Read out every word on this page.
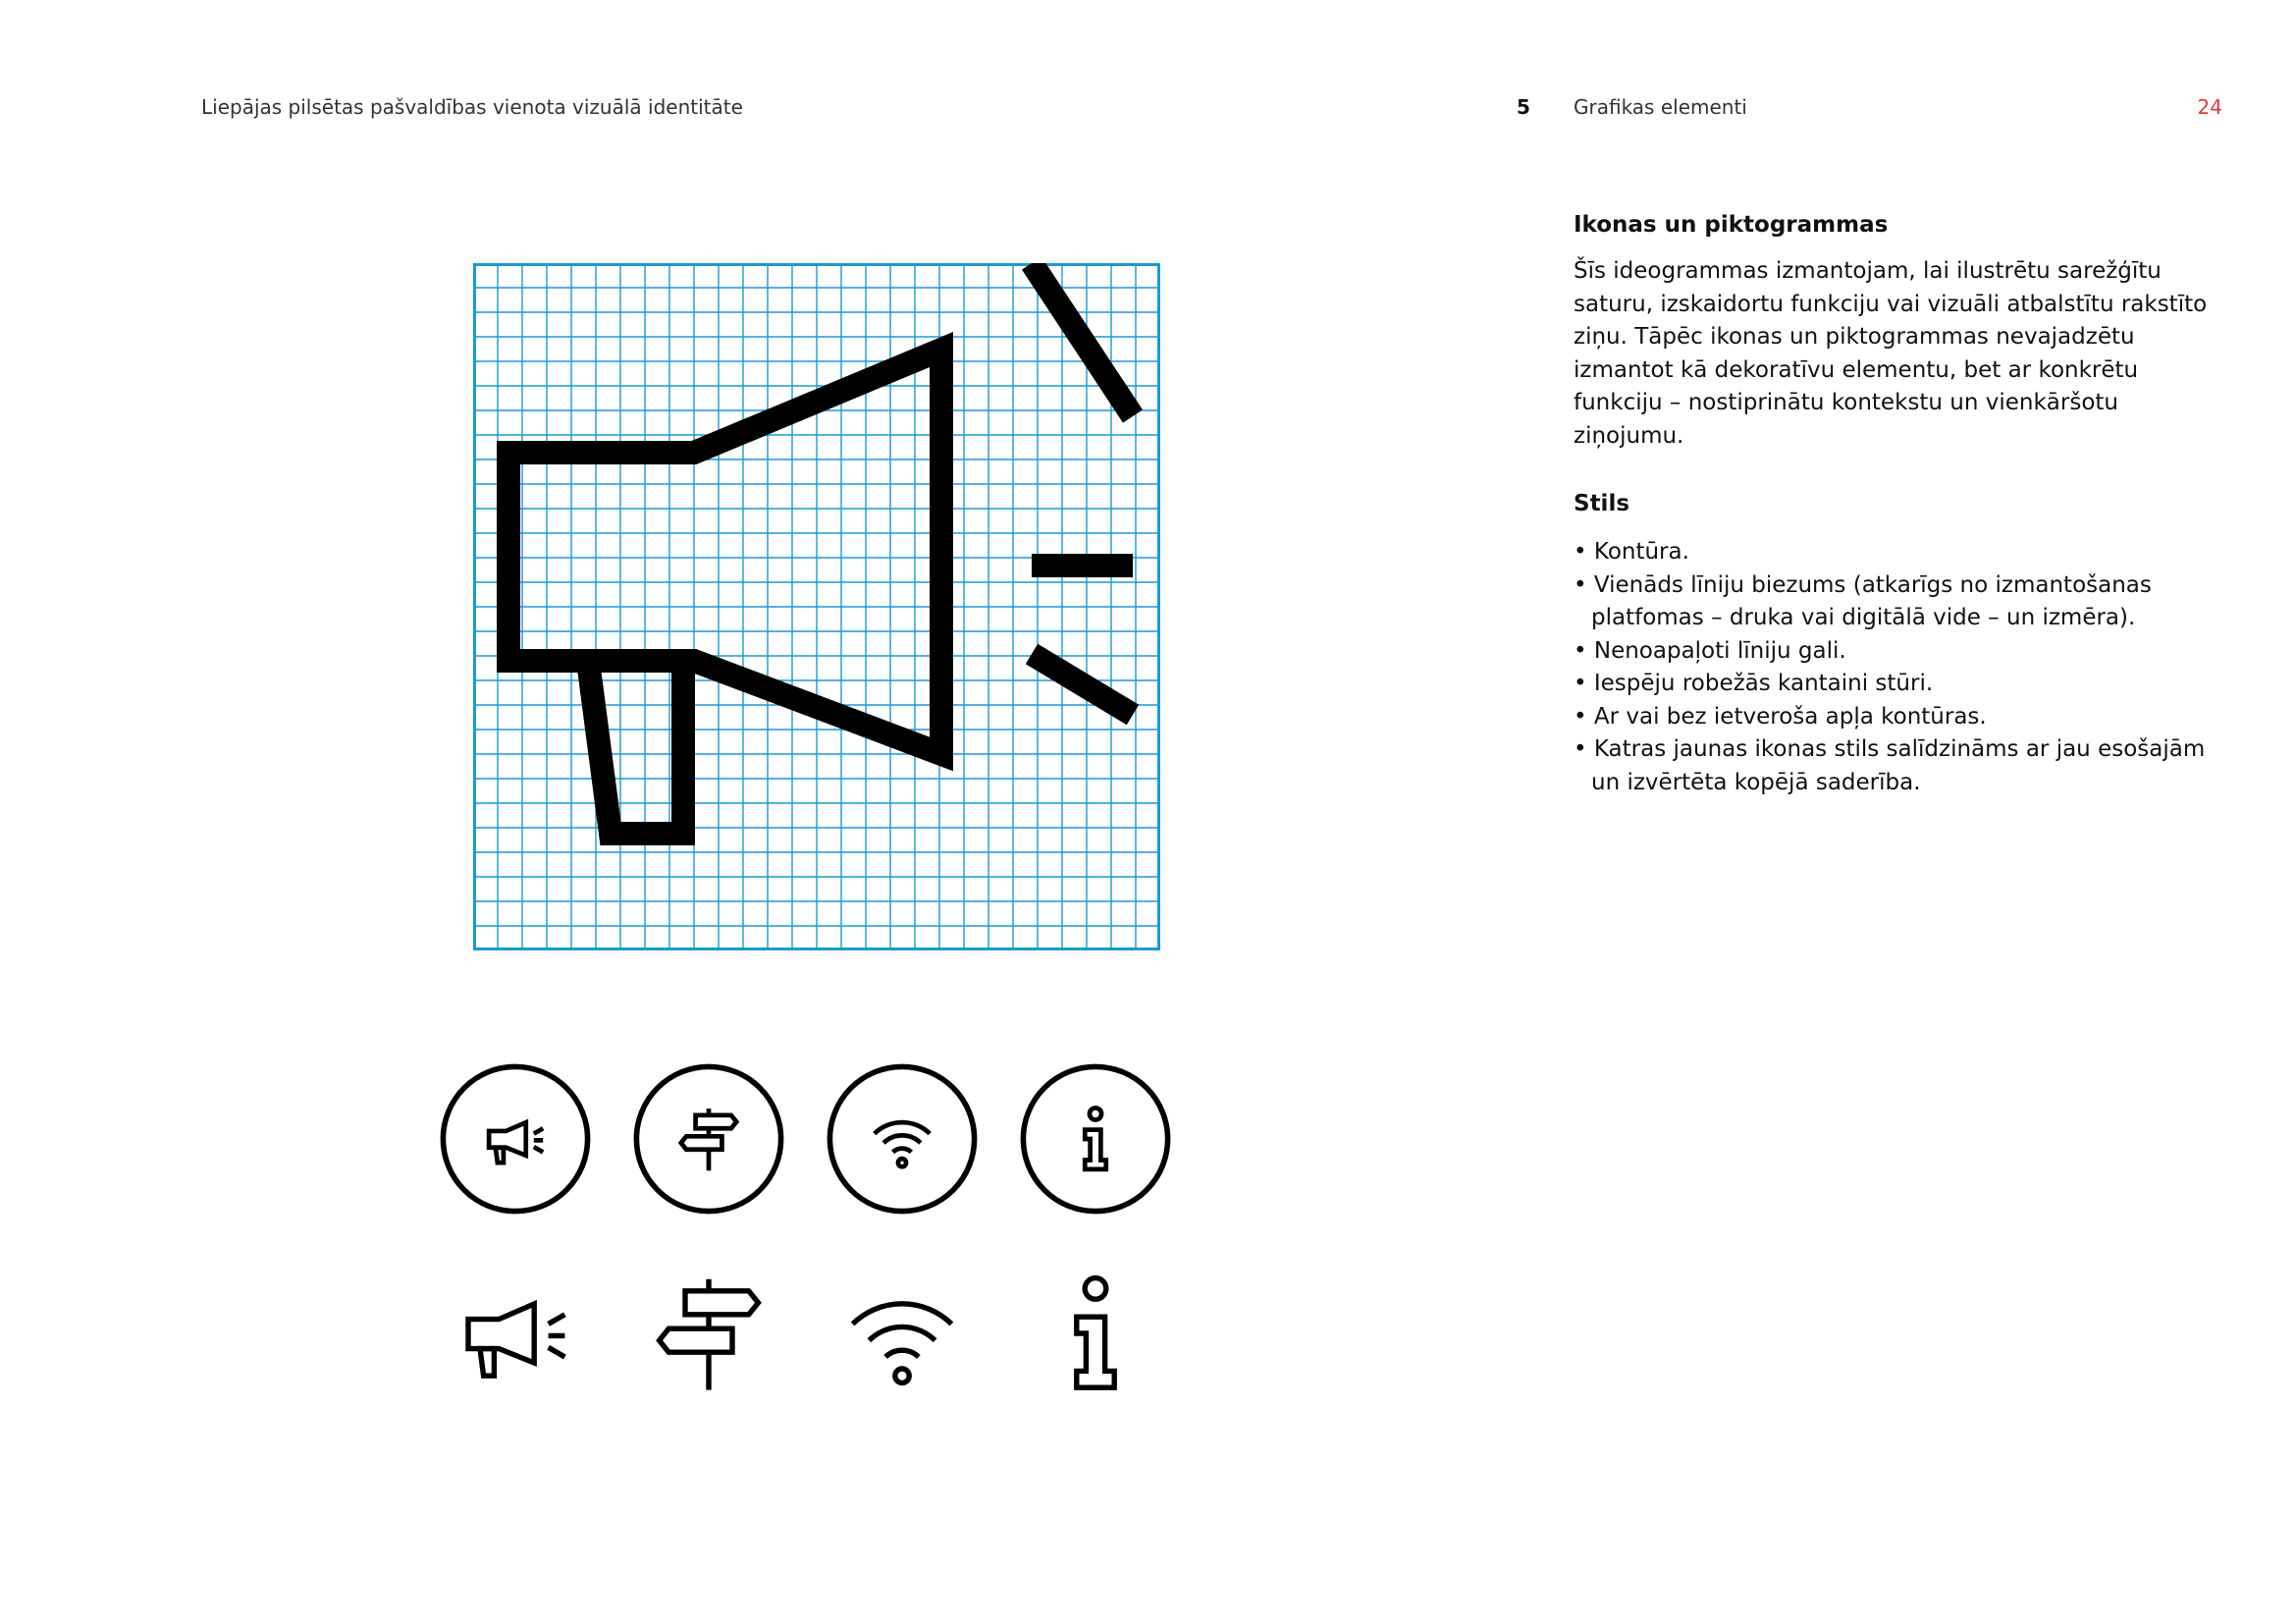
Liepājas pilsētas pašvaldības vienota vizuālā identitāte	5 Grafikas elementi	24
Ikonas un piktogrammas

Šīs ideogrammas izmantojam, lai ilustrētu sarežģītu saturu, izskaidortu funkciju vai vizuāli atbalstītu rakstīto ziņu. Tāpēc ikonas un piktogrammas nevajadzētu izmantot kā dekoratīvu elementu, bet ar konkrētu funkciju – nostiprinātu kontekstu un vienkāršotu ziņojumu.

Stils
• Kontūra.
• Vienāds līniju biezums (atkarīgs no izmantošanas platfomas – druka vai digitālā vide – un izmēra).
• Nenoapaļoti līniju gali.
• Iespēju robežās kantaini stūri.
• Ar vai bez ietveroša apļa kontūras.
• Katras jaunas ikonas stils salīdzināms ar jau esošajām un izvērtēta kopējā saderība.
